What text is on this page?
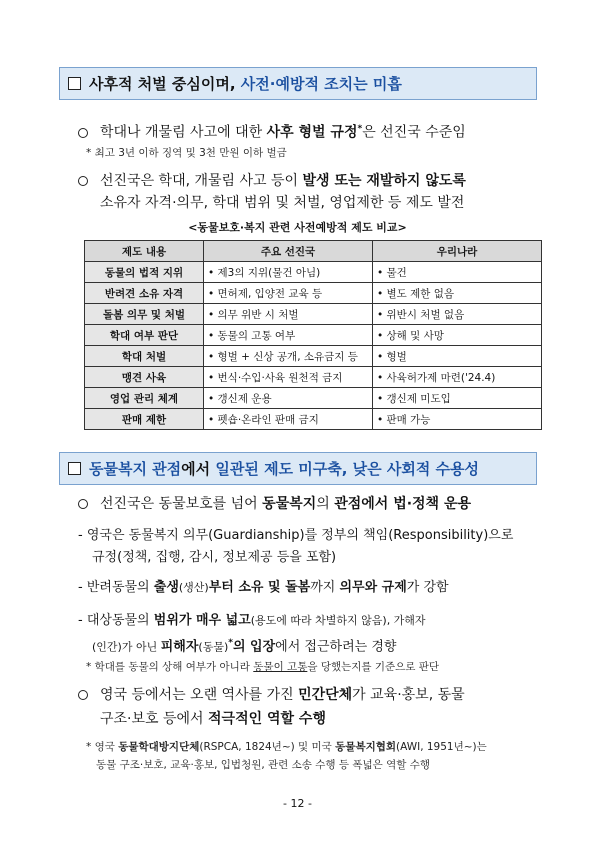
사후적 처벌 중심이며, 사전·예방적 조치는 미흡
학대나 개물림 사고에 대한 사후 형벌 규정*은 선진국 수준임
* 최고 3년 이하 징역 및 3천 만원 이하 벌금
선진국은 학대, 개물림 사고 등이 발생 또는 재발하지 않도록
소유자 자격·의무, 학대 범위 및 처벌, 영업제한 등 제도 발전
<동물보호·복지 관련 사전예방적 제도 비교>
제도 내용	주요 선진국	우리나라
동물의 법적 지위	• 제3의 지위(물건 아님)	• 물건
반려견 소유 자격	• 면허제, 입양전 교육 등	• 별도 제한 없음
돌봄 의무 및 처벌	• 의무 위반 시 처벌	• 위반시 처벌 없음
학대 여부 판단	• 동물의 고통 여부	• 상해 및 사망
학대 처벌	• 형벌 + 신상 공개, 소유금지 등	• 형벌
맹견 사육	• 번식·수입·사육 원천적 금지	• 사육허가제 마련('24.4)
영업 관리 체계	• 갱신제 운용	• 갱신제 미도입
판매 제한	• 펫숍·온라인 판매 금지	• 판매 가능
동물복지 관점에서 일관된 제도 미구축, 낮은 사회적 수용성
선진국은 동물보호를 넘어 동물복지의 관점에서 법·정책 운용
- 영국은 동물복지 의무(Guardianship)를 정부의 책임(Responsibility)으로
규정(정책, 집행, 감시, 정보제공 등을 포함)
- 반려동물의 출생(생산)부터 소유 및 돌봄까지 의무와 규제가 강함
- 대상동물의 범위가 매우 넓고(용도에 따라 차별하지 않음), 가해자
(인간)가 아닌 피해자(동물)*의 입장에서 접근하려는 경향
* 학대를 동물의 상해 여부가 아니라 동물이 고통을 당했는지를 기준으로 판단
영국 등에서는 오랜 역사를 가진 민간단체가 교육·홍보, 동물
구조·보호 등에서 적극적인 역할 수행
* 영국 동물학대방지단체(RSPCA, 1824년~) 및 미국 동물복지협회(AWI, 1951년~)는
동물 구조·보호, 교육·홍보, 입법청원, 관련 소송 수행 등 폭넓은 역할 수행
- 12 -
